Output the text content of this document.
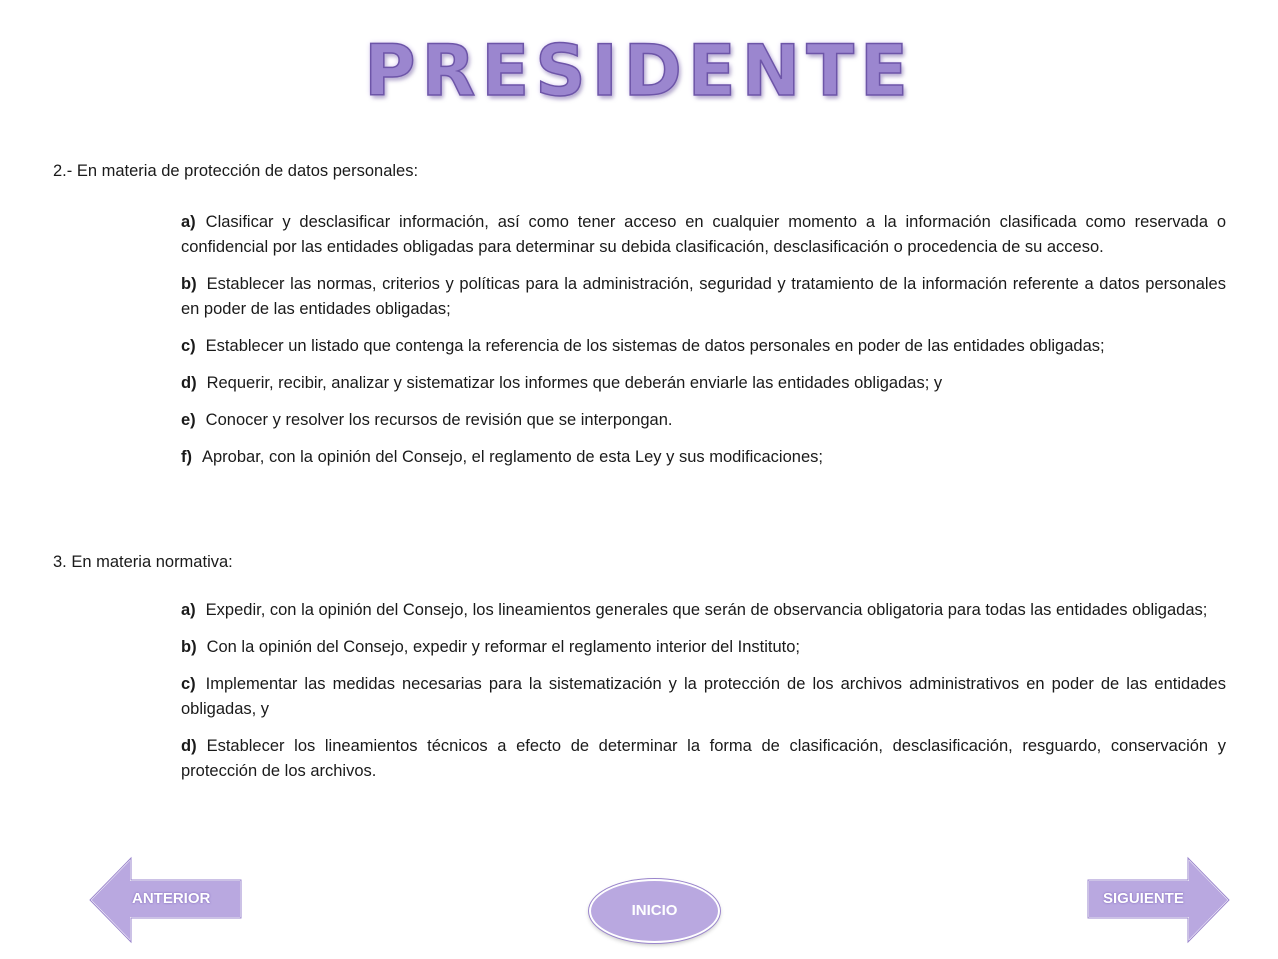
PRESIDENTE
2.- En materia de protección de datos personales:
a) Clasificar y desclasificar información, así como tener acceso en cualquier momento a la información clasificada como reservada o confidencial por las entidades obligadas para determinar su debida clasificación, desclasificación o procedencia de su acceso.
b) Establecer las normas, criterios y políticas para la administración, seguridad y tratamiento de la información referente a datos personales en poder de las entidades obligadas;
c) Establecer un listado que contenga la referencia de los sistemas de datos personales en poder de las entidades obligadas;
d) Requerir, recibir, analizar y sistematizar los informes que deberán enviarle las entidades obligadas; y
e) Conocer y resolver los recursos de revisión que se interpongan.
f) Aprobar, con la opinión del Consejo, el reglamento de esta Ley y sus modificaciones;
3. En materia normativa:
a) Expedir, con la opinión del Consejo, los lineamientos generales que serán de observancia obligatoria para todas las entidades obligadas;
b) Con la opinión del Consejo, expedir y reformar el reglamento interior del Instituto;
c) Implementar las medidas necesarias para la sistematización y la protección de los archivos administrativos en poder de las entidades obligadas, y
d) Establecer los lineamientos técnicos a efecto de determinar la forma de clasificación, desclasificación, resguardo, conservación y protección de los archivos.
ANTERIOR
INICIO
SIGUIENTE
